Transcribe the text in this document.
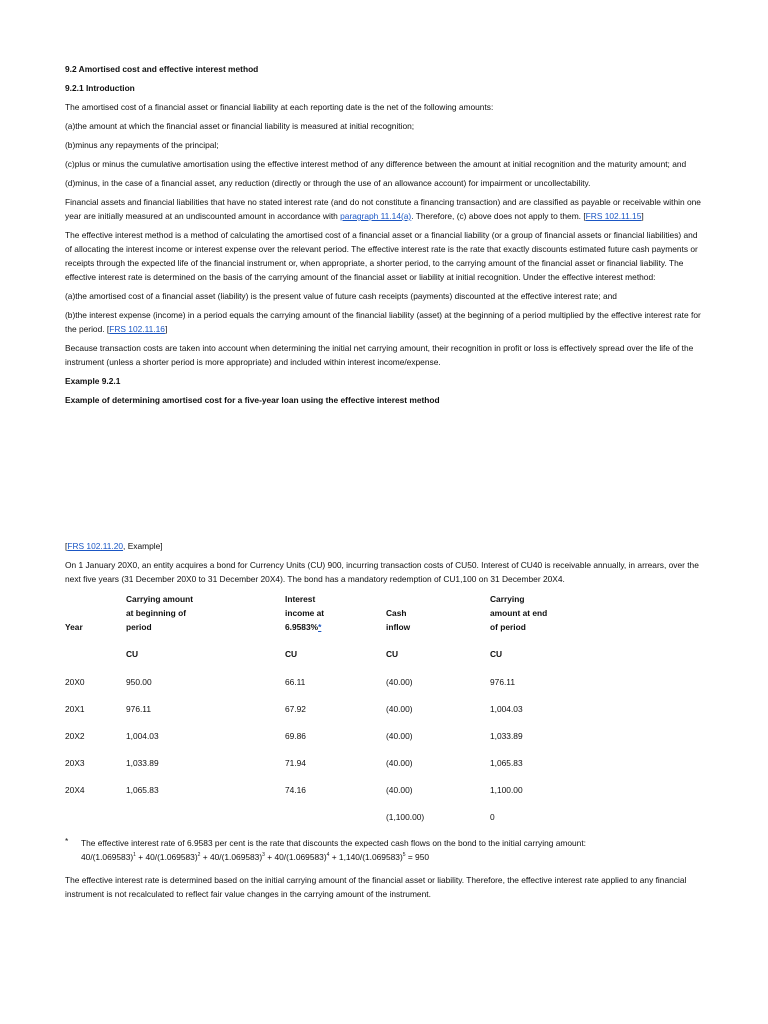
9.2 Amortised cost and effective interest method

9.2.1 Introduction

The amortised cost of a financial asset or financial liability at each reporting date is the net of the following amounts:

(a)the amount at which the financial asset or financial liability is measured at initial recognition;

(b)minus any repayments of the principal;

(c)plus or minus the cumulative amortisation using the effective interest method of any difference between the amount at initial recognition and the maturity amount; and

(d)minus, in the case of a financial asset, any reduction (directly or through the use of an allowance account) for impairment or uncollectability.

Financial assets and financial liabilities that have no stated interest rate (and do not constitute a financing transaction) and are classified as payable or receivable within one year are initially measured at an undiscounted amount in accordance with paragraph 11.14(a). Therefore, (c) above does not apply to them. [FRS 102.11.15]

The effective interest method is a method of calculating the amortised cost of a financial asset or a financial liability (or a group of financial assets or financial liabilities) and of allocating the interest income or interest expense over the relevant period. The effective interest rate is the rate that exactly discounts estimated future cash payments or receipts through the expected life of the financial instrument or, when appropriate, a shorter period, to the carrying amount of the financial asset or financial liability. The effective interest rate is determined on the basis of the carrying amount of the financial asset or liability at initial recognition. Under the effective interest method:

(a)the amortised cost of a financial asset (liability) is the present value of future cash receipts (payments) discounted at the effective interest rate; and

(b)the interest expense (income) in a period equals the carrying amount of the financial liability (asset) at the beginning of a period multiplied by the effective interest rate for the period. [FRS 102.11.16]

Because transaction costs are taken into account when determining the initial net carrying amount, their recognition in profit or loss is effectively spread over the life of the instrument (unless a shorter period is more appropriate) and included within interest income/expense.

Example 9.2.1

Example of determining amortised cost for a five-year loan using the effective interest method

[FRS 102.11.20, Example]

On 1 January 20X0, an entity acquires a bond for Currency Units (CU) 900, incurring transaction costs of CU50. Interest of CU40 is receivable annually, in arrears, over the next five years (31 December 20X0 to 31 December 20X4). The bond has a mandatory redemption of CU1,100 on 31 December 20X4.

Year	Carrying amount
at beginning of
period	Interest
income at
6.9583%*	Cash
inflow	Carrying
amount at end
of period
	CU	CU	CU	CU
20X0	950.00	66.11	(40.00)	976.11
20X1	976.11	67.92	(40.00)	1,004.03
20X2	1,004.03	69.86	(40.00)	1,033.89
20X3	1,033.89	71.94	(40.00)	1,065.83
20X4	1,065.83	74.16	(40.00)	1,100.00
			(1,100.00)	0
*	The effective interest rate of 6.9583 per cent is the rate that discounts the expected cash flows on the bond to the initial carrying amount:

$40/(1.069583)^1 + 40/(1.069583)^2 + 40/(1.069583)^3 + 40/(1.069583)^4 + 1,140/(1.069583)^5 = 950$

The effective interest rate is determined based on the initial carrying amount of the financial asset or liability. Therefore, the effective interest rate applied to any financial instrument is not recalculated to reflect fair value changes in the carrying amount of the instrument.
